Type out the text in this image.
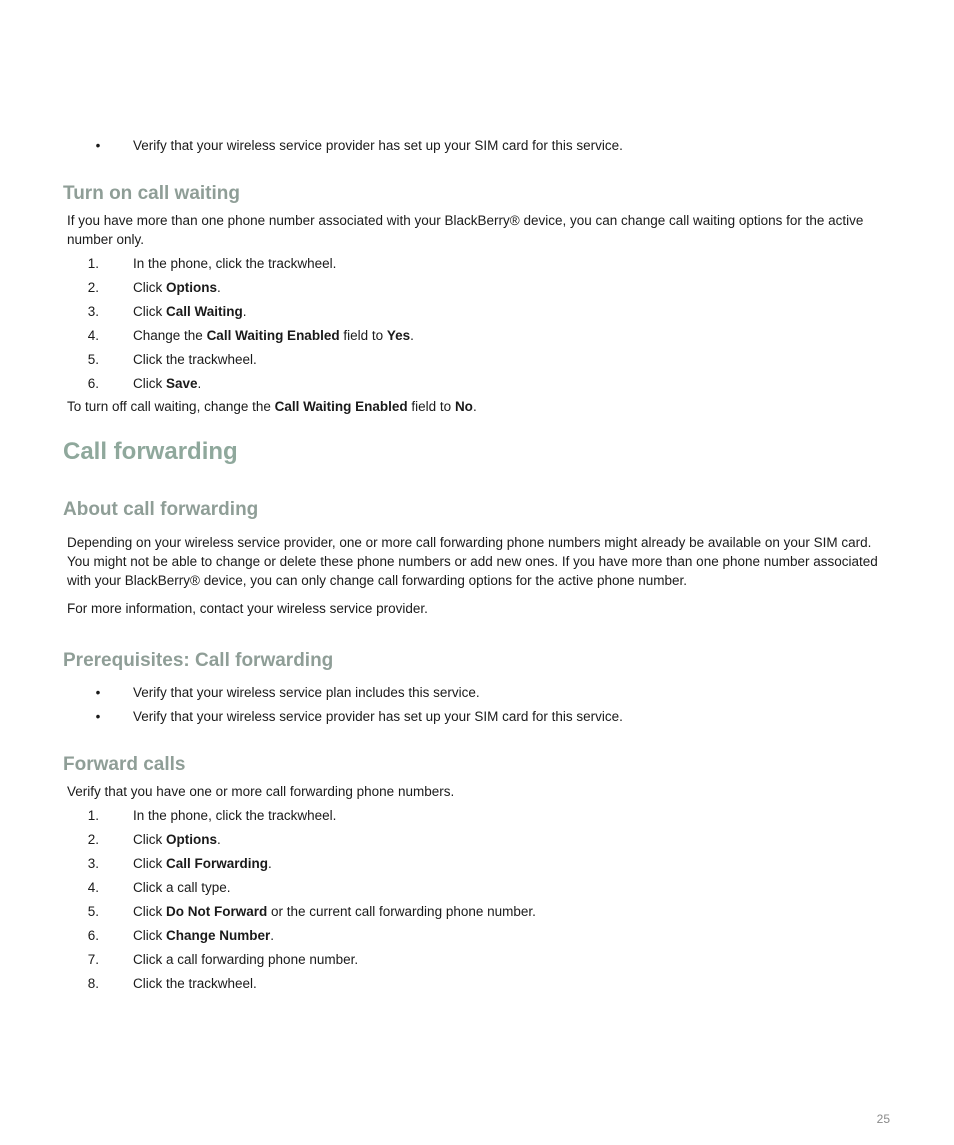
•	Verify that your wireless service provider has set up your SIM card for this service.
Turn on call waiting

If you have more than one phone number associated with your BlackBerry® device, you can change call waiting options for the active number only.

1.	In the phone, click the trackwheel.
2.	Click Options.
3.	Click Call Waiting.
4.	Change the Call Waiting Enabled field to Yes.
5.	Click the trackwheel.
6.	Click Save.

To turn off call waiting, change the Call Waiting Enabled field to No.

Call forwarding
About call forwarding

Depending on your wireless service provider, one or more call forwarding phone numbers might already be available on your SIM card. You might not be able to change or delete these phone numbers or add new ones. If you have more than one phone number associated with your BlackBerry® device, you can only change call forwarding options for the active phone number.

For more information, contact your wireless service provider.

Prerequisites: Call forwarding
•	Verify that your wireless service plan includes this service.
•	Verify that your wireless service provider has set up your SIM card for this service.
Forward calls

Verify that you have one or more call forwarding phone numbers.

1.	In the phone, click the trackwheel.
2.	Click Options.
3.	Click Call Forwarding.
4.	Click a call type.
5.	Click Do Not Forward or the current call forwarding phone number.
6.	Click Change Number.
7.	Click a call forwarding phone number.
8.	Click the trackwheel.
25
